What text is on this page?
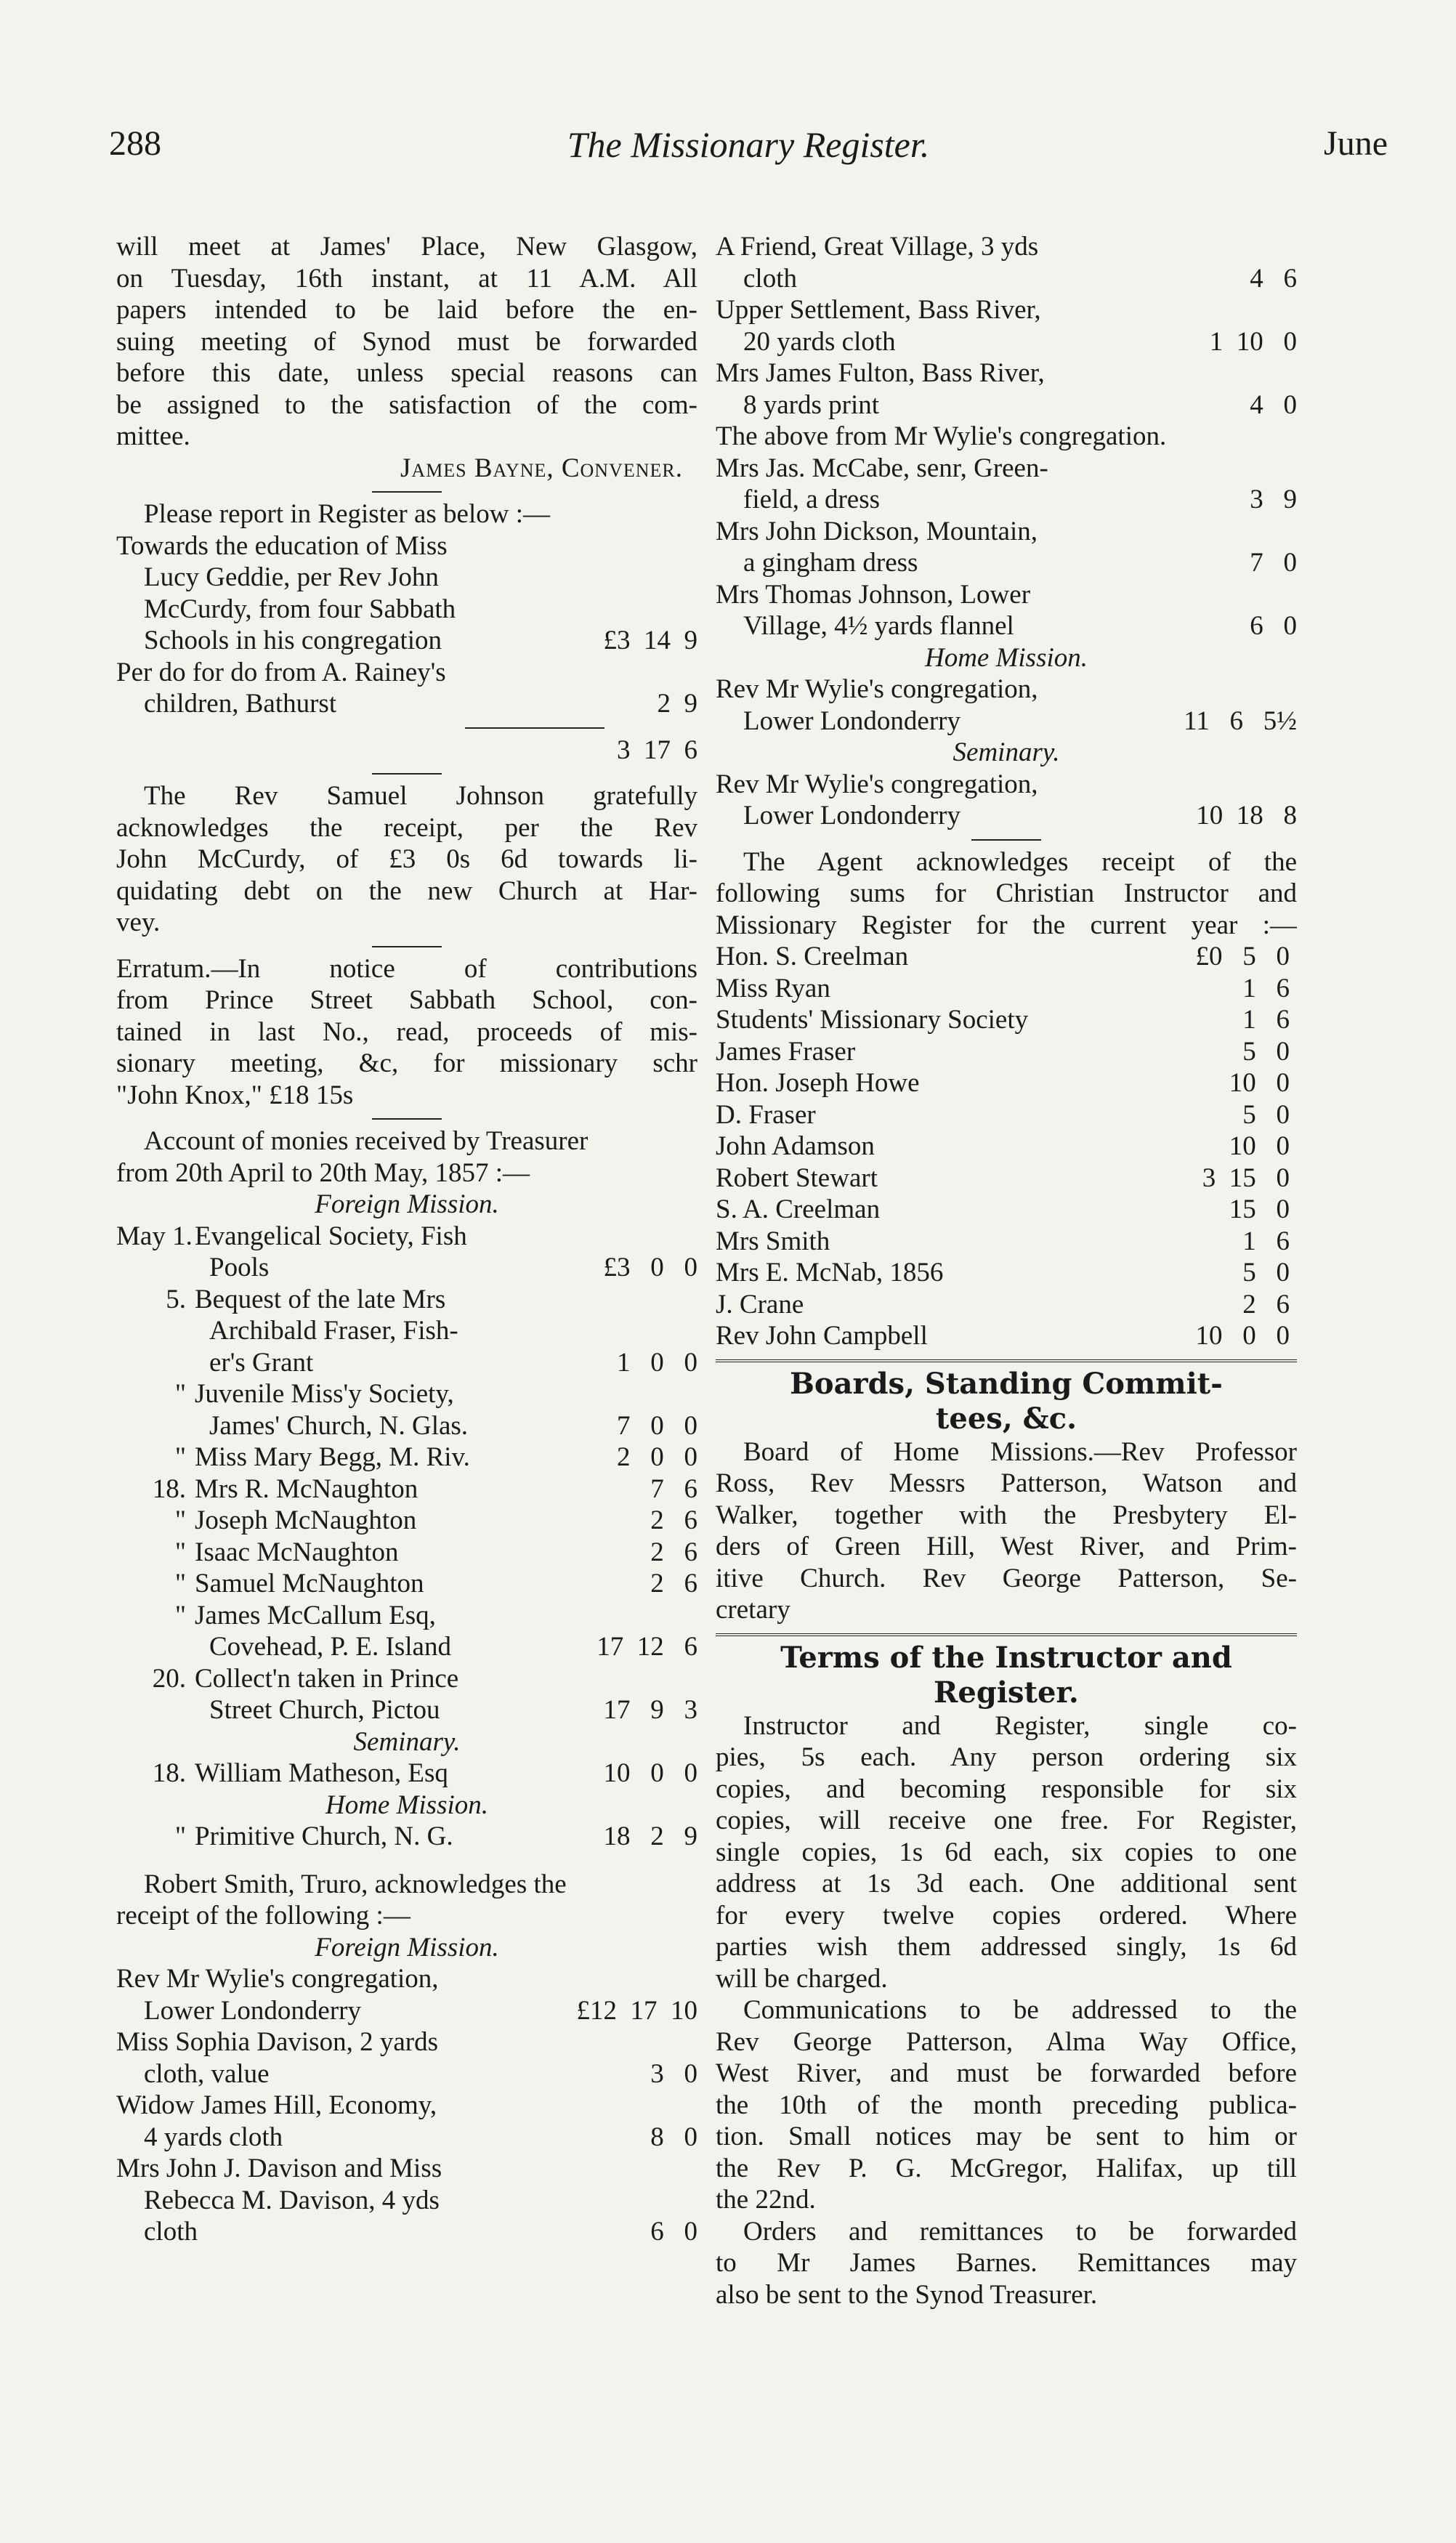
288	The Missionary Register.	June
will meet at James' Place, New Glasgow,
on Tuesday, 16th instant, at 11 A.M. All
papers intended to be laid before the en-
suing meeting of Synod must be forwarded
before this date, unless special reasons can
be assigned to the satisfaction of the com-
mittee.
James Bayne, Convener.
Please report in Register as below :—
Towards the education of Miss
Lucy Geddie, per Rev John
McCurdy, from four Sabbath
Schools in his congregation	£3  14  9
Per do for do from A. Rainey's
children, Bathurst	2  9
3  17  6
The Rev Samuel Johnson gratefully
acknowledges the receipt, per the Rev
John McCurdy, of £3 0s 6d towards li-
quidating debt on the new Church at Har-
vey.
Erratum.—In notice of contributions
from Prince Street Sabbath School, con-
tained in last No., read, proceeds of mis-
sionary meeting, &c, for missionary schr
"John Knox," £18 15s
Account of monies received by Treasurer
from 20th April to 20th May, 1857 :—
Foreign Mission.
May 1.Evangelical Society, Fish
Pools	£3   0   0
5. Bequest of the late Mrs
Archibald Fraser, Fish-
er's Grant	1   0   0
" Juvenile Miss'y Society,
James' Church, N. Glas.	7   0   0
" Miss Mary Begg, M. Riv.	2   0   0
18. Mrs R. McNaughton	7   6
" Joseph McNaughton	2   6
" Isaac McNaughton	2   6
" Samuel McNaughton	2   6
" James McCallum Esq,
Covehead, P. E. Island	17  12   6
20. Collect'n taken in Prince
Street Church, Pictou	17   9   3
Seminary.
18. William Matheson, Esq	10   0   0
Home Mission.
" Primitive Church, N. G.	18   2   9
Robert Smith, Truro, acknowledges the
receipt of the following :—
Foreign Mission.
Rev Mr Wylie's congregation,
Lower Londonderry	£12  17  10
Miss Sophia Davison, 2 yards
cloth, value	3   0
Widow James Hill, Economy,
4 yards cloth	8   0
Mrs John J. Davison and Miss
Rebecca M. Davison, 4 yds
cloth	6   0
A Friend, Great Village, 3 yds
cloth	4   6
Upper Settlement, Bass River,
20 yards cloth	1  10   0
Mrs James Fulton, Bass River,
8 yards print	4   0
The above from Mr Wylie's congregation.
Mrs Jas. McCabe, senr, Green-
field, a dress	3   9
Mrs John Dickson, Mountain,
a gingham dress	7   0
Mrs Thomas Johnson, Lower
Village, 4½ yards flannel	6   0
Home Mission.
Rev Mr Wylie's congregation,
Lower Londonderry	11   6   5½
Seminary.
Rev Mr Wylie's congregation,
Lower Londonderry	10  18   8
The Agent acknowledges receipt of the
following sums for Christian Instructor and
Missionary Register for the current year :—
Hon. S. Creelman	£0   5   0
Miss Ryan	1   6
Students' Missionary Society	1   6
James Fraser	5   0
Hon. Joseph Howe	10   0
D. Fraser	5   0
John Adamson	10   0
Robert Stewart	3  15   0
S. A. Creelman	15   0
Mrs Smith	1   6
Mrs E. McNab, 1856	5   0
J. Crane	2   6
Rev John Campbell	10   0   0
Boards, Standing Commit-
tees, &c.
Board of Home Missions.—Rev Professor
Ross, Rev Messrs Patterson, Watson and
Walker, together with the Presbytery El-
ders of Green Hill, West River, and Prim-
itive Church. Rev George Patterson, Se-
cretary
Terms of the Instructor and
Register.
Instructor and Register, single co-
pies, 5s each. Any person ordering six
copies, and becoming responsible for six
copies, will receive one free. For Register,
single copies, 1s 6d each, six copies to one
address at 1s 3d each. One additional sent
for every twelve copies ordered. Where
parties wish them addressed singly, 1s 6d
will be charged.
Communications to be addressed to the
Rev George Patterson, Alma Way Office,
West River, and must be forwarded before
the 10th of the month preceding publica-
tion. Small notices may be sent to him or
the Rev P. G. McGregor, Halifax, up till
the 22nd.
Orders and remittances to be forwarded
to Mr James Barnes. Remittances may
also be sent to the Synod Treasurer.
